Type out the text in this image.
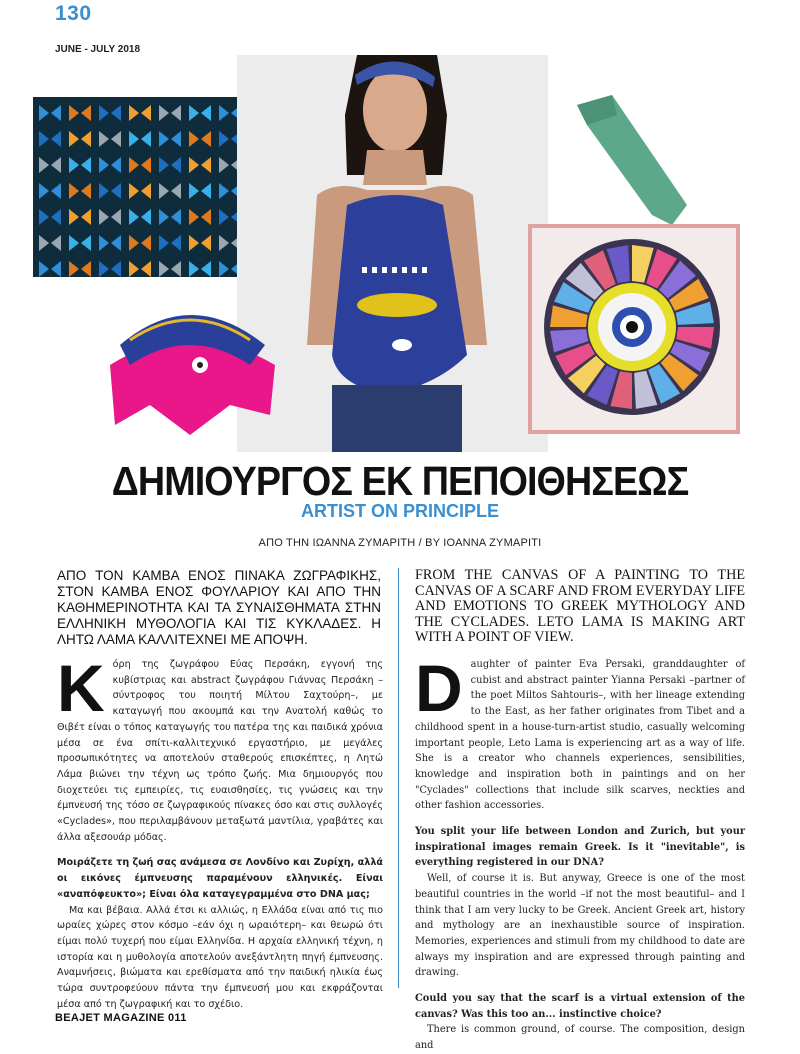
130
JUNE - JULY 2018
ΔΗΜΙΟΥΡΓΟΣ ΕΚ ΠΕΠΟΙΘΗΣΕΩΣ
ARTIST ON PRINCIPLE
ΑΠΟ ΤΗΝ ΙΩΑΝΝΑ ΖΥΜΑΡΙΤΗ / BY ΙΟΑΝΝΑ ΖΥΜΑΡΙΤΙ
ΑΠΟ ΤΟΝ ΚΑΜΒΑ ΕΝΟΣ ΠΙΝΑΚΑ ΖΩΓΡΑΦΙΚΗΣ, ΣΤΟΝ ΚΑΜΒΑ ΕΝΟΣ ΦΟΥΛΑΡΙΟΥ ΚΑΙ ΑΠΟ ΤΗΝ ΚΑΘΗΜΕΡΙΝΟΤΗΤΑ ΚΑΙ ΤΑ ΣΥΝΑΙΣΘΗΜΑΤΑ ΣΤΗΝ ΕΛΛΗΝΙΚΗ ΜΥΘΟΛΟΓΙΑ ΚΑΙ ΤΙΣ ΚΥΚΛΑΔΕΣ. Η ΛΗΤΩ ΛΑΜΑ ΚΑΛΛΙΤΕΧΝΕΙ ΜΕ ΑΠΟΨΗ.
FROM THE CANVAS OF A PAINTING TO THE CANVAS OF A SCARF AND FROM EVERYDAY LIFE AND EMOTIONS TO GREEK MYTHOLOGY AND THE CYCLADES. LETO LAMA IS MAKING ART WITH A POINT OF VIEW.

Κόρη της ζωγράφου Εύας Περσάκη, εγγονή της κυβίστριας και abstract ζωγράφου Γιάννας Περσάκη –σύντροφος του ποιητή Μίλτου Σαχτούρη–, με καταγωγή που ακουμπά και την Ανατολή καθώς το Θιβέτ είναι ο τόπος καταγωγής του πατέρα της και παιδικά χρόνια μέσα σε ένα σπίτι-καλλιτεχνικό εργαστήριο, με μεγάλες προσωπικότητες να αποτελούν σταθερούς επισκέπτες, η Λητώ Λάμα βιώνει την τέχνη ως τρόπο ζωής. Μια δημιουργός που διοχετεύει τις εμπειρίες, τις ευαισθησίες, τις γνώσεις και την έμπνευσή της τόσο σε ζωγραφικούς πίνακες όσο και στις συλλογές «Cyclades», που περιλαμβάνουν μεταξωτά μαντίλια, γραβάτες και άλλα αξεσουάρ μόδας.

Μοιράζετε τη ζωή σας ανάμεσα σε Λονδίνο και Ζυρίχη, αλλά οι εικόνες έμπνευσης παραμένουν ελληνικές. Είναι «αναπόφευκτο»; Είναι όλα καταγεγραμμένα στο DNA μας;

Μα και βέβαια. Αλλά έτσι κι αλλιώς, η Ελλάδα είναι από τις πιο ωραίες χώρες στον κόσμο –εάν όχι η ωραιότερη– και θεωρώ ότι είμαι πολύ τυχερή που είμαι Ελληνίδα. Η αρχαία ελληνική τέχνη, η ιστορία και η μυθολογία αποτελούν ανεξάντλητη πηγή έμπνευσης. Αναμνήσεις, βιώματα και ερεθίσματα από την παιδική ηλικία έως τώρα συντροφεύουν πάντα την έμπνευσή μου και εκφράζονται μέσα από τη ζωγραφική και το σχέδιο.

Daughter of painter Eva Persaki, granddaughter of cubist and abstract painter Yianna Persaki –partner of the poet Miltos Sahtouris–, with her lineage extending to the East, as her father originates from Tibet and a childhood spent in a house-turn-artist studio, casually welcoming important people, Leto Lama is experiencing art as a way of life. She is a creator who channels experiences, sensibilities, knowledge and inspiration both in paintings and on her "Cyclades" collections that include silk scarves, neckties and other fashion accessories.

You split your life between London and Zurich, but your inspirational images remain Greek. Is it "inevitable", is everything registered in our DNA?

Well, of course it is. But anyway, Greece is one of the most beautiful countries in the world –if not the most beautiful– and I think that I am very lucky to be Greek. Ancient Greek art, history and mythology are an inexhaustible source of inspiration. Memories, experiences and stimuli from my childhood to date are always my inspiration and are expressed through painting and drawing.

Could you say that the scarf is a virtual extension of the canvas? Was this too an... instinctive choice?

There is common ground, of course. The composition, design and

BEAJET MAGAZINE 011
